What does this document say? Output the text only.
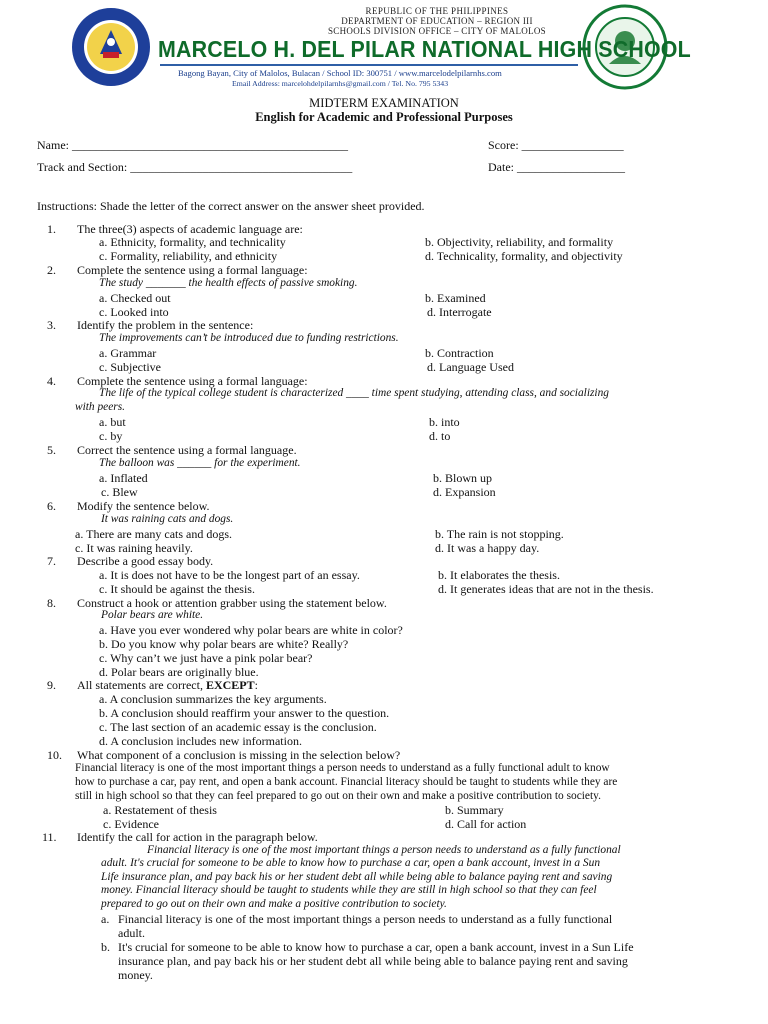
REPUBLIC OF THE PHILIPPINES
DEPARTMENT OF EDUCATION – REGION III
SCHOOLS DIVISION OFFICE – CITY OF MALOLOS
MARCELO H. DEL PILAR NATIONAL HIGH SCHOOL
Bagong Bayan, City of Malolos, Bulacan / School ID: 300751 / www.marcelodelpilarnhs.com
Email Address: marcelohdelpilarnhs@gmail.com / Tel. No. 795 5343
MIDTERM EXAMINATION
English for Academic and Professional Purposes
Name: ______________________________________________	Score: _________________
Track and Section: _____________________________________	Date: __________________
Instructions: Shade the letter of the correct answer on the answer sheet provided.
1. The three(3) aspects of academic language are:
a. Ethnicity, formality, and technicality	b. Objectivity, reliability, and formality
c. Formality, reliability, and ethnicity	d. Technicality, formality, and objectivity
2. Complete the sentence using a formal language:
The study _______ the health effects of passive smoking.
a. Checked out	b. Examined
c. Looked into	d. Interrogate
3. Identify the problem in the sentence:
The improvements can’t be introduced due to funding restrictions.
a. Grammar	b. Contraction
c. Subjective	d. Language Used
4. Complete the sentence using a formal language:
The life of the typical college student is characterized ____ time spent studying, attending class, and socializing
with peers.
a. but	b. into
c. by	d. to
5. Correct the sentence using a formal language.
The balloon was ______ for the experiment.
a. Inflated	b. Blown up
c. Blew	d. Expansion
6. Modify the sentence below.
It was raining cats and dogs.
a. There are many cats and dogs.	b. The rain is not stopping.
c. It was raining heavily.	d. It was a happy day.
7. Describe a good essay body.
a. It is does not have to be the longest part of an essay.	b. It elaborates the thesis.
c. It should be against the thesis.	d. It generates ideas that are not in the thesis.
8. Construct a hook or attention grabber using the statement below.
Polar bears are white.
a. Have you ever wondered why polar bears are white in color?
b. Do you know why polar bears are white? Really?
c. Why can’t we just have a pink polar bear?
d. Polar bears are originally blue.
9. All statements are correct, EXCEPT:
a. A conclusion summarizes the key arguments.
b. A conclusion should reaffirm your answer to the question.
c. The last section of an academic essay is the conclusion.
d. A conclusion includes new information.
10. What component of a conclusion is missing in the selection below?
Financial literacy is one of the most important things a person needs to understand as a fully functional adult to know
how to purchase a car, pay rent, and open a bank account. Financial literacy should be taught to students while they are
still in high school so that they can feel prepared to go out on their own and make a positive contribution to society.
a. Restatement of thesis	b. Summary
c. Evidence	d. Call for action
11. Identify the call for action in the paragraph below.
Financial literacy is one of the most important things a person needs to understand as a fully functional
adult. It's crucial for someone to be able to know how to purchase a car, open a bank account, invest in a Sun
Life insurance plan, and pay back his or her student debt all while being able to balance paying rent and saving
money. Financial literacy should be taught to students while they are still in high school so that they can feel
prepared to go out on their own and make a positive contribution to society.
a. Financial literacy is one of the most important things a person needs to understand as a fully functional
adult.
b. It's crucial for someone to be able to know how to purchase a car, open a bank account, invest in a Sun Life
insurance plan, and pay back his or her student debt all while being able to balance paying rent and saving
money.
